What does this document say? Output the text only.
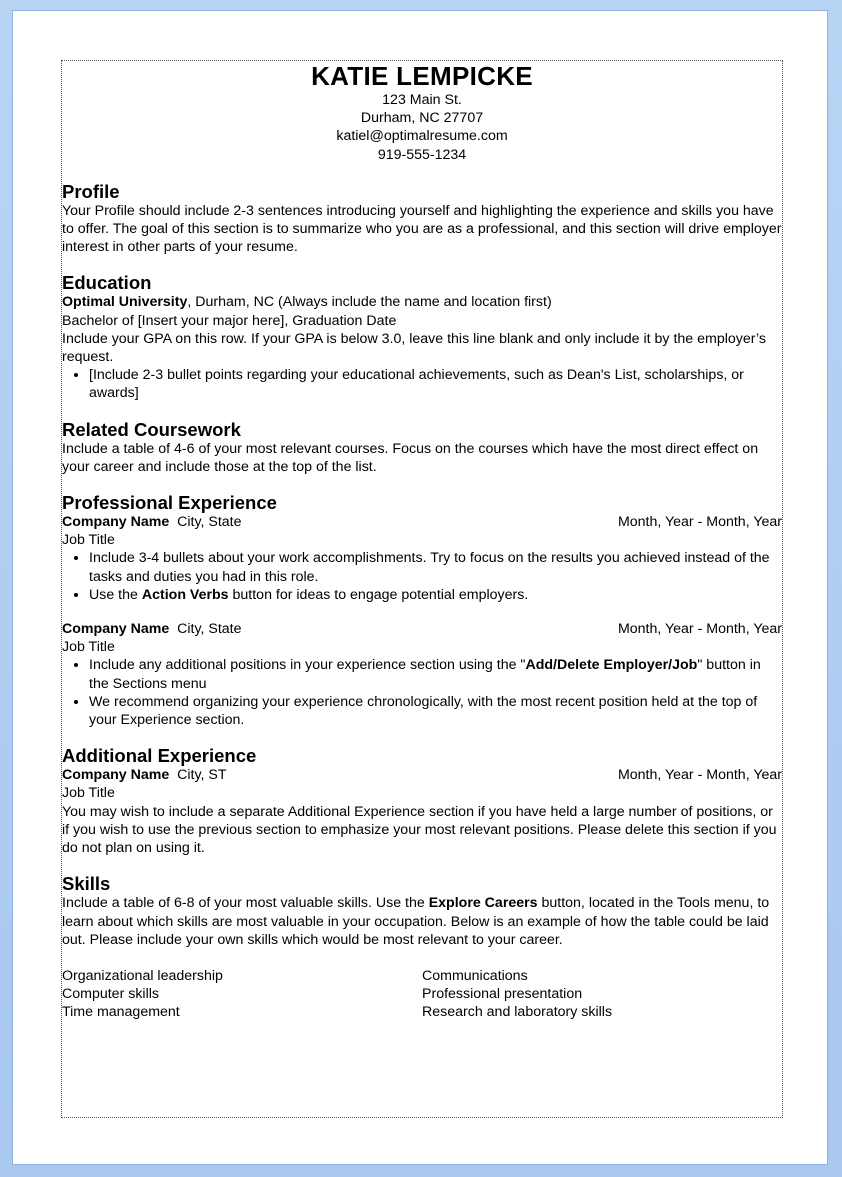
KATIE LEMPICKE
123 Main St.
Durham, NC 27707
katiel@optimalresume.com
919-555-1234
Profile

Your Profile should include 2-3 sentences introducing yourself and highlighting the experience and skills you have to offer. The goal of this section is to summarize who you are as a professional, and this section will drive employer interest in other parts of your resume.

Education

Optimal University, Durham, NC (Always include the name and location first)

Bachelor of [Insert your major here], Graduation Date

Include your GPA on this row. If your GPA is below 3.0, leave this line blank and only include it by the employer’s request.

• [Include 2-3 bullet points regarding your educational achievements, such as Dean's List, scholarships, or awards]
Related Coursework

Include a table of 4-6 of your most relevant courses. Focus on the courses which have the most direct effect on your career and include those at the top of the list.

Professional Experience
Company Name City, State	Month, Year - Month, Year

Job Title

• Include 3-4 bullets about your work accomplishments. Try to focus on the results you achieved instead of the tasks and duties you had in this role.
• Use the Action Verbs button for ideas to engage potential employers.
Company Name City, State	Month, Year - Month, Year

Job Title

• Include any additional positions in your experience section using the "Add/Delete Employer/Job" button in the Sections menu
• We recommend organizing your experience chronologically, with the most recent position held at the top of your Experience section.
Additional Experience
Company Name City, ST	Month, Year - Month, Year

Job Title

You may wish to include a separate Additional Experience section if you have held a large number of positions, or if you wish to use the previous section to emphasize your most relevant positions. Please delete this section if you do not plan on using it.

Skills

Include a table of 6-8 of your most valuable skills. Use the Explore Careers button, located in the Tools menu, to learn about which skills are most valuable in your occupation. Below is an example of how the table could be laid out. Please include your own skills which would be most relevant to your career.

Organizational leadership	Communications
Computer skills	Professional presentation
Time management	Research and laboratory skills
